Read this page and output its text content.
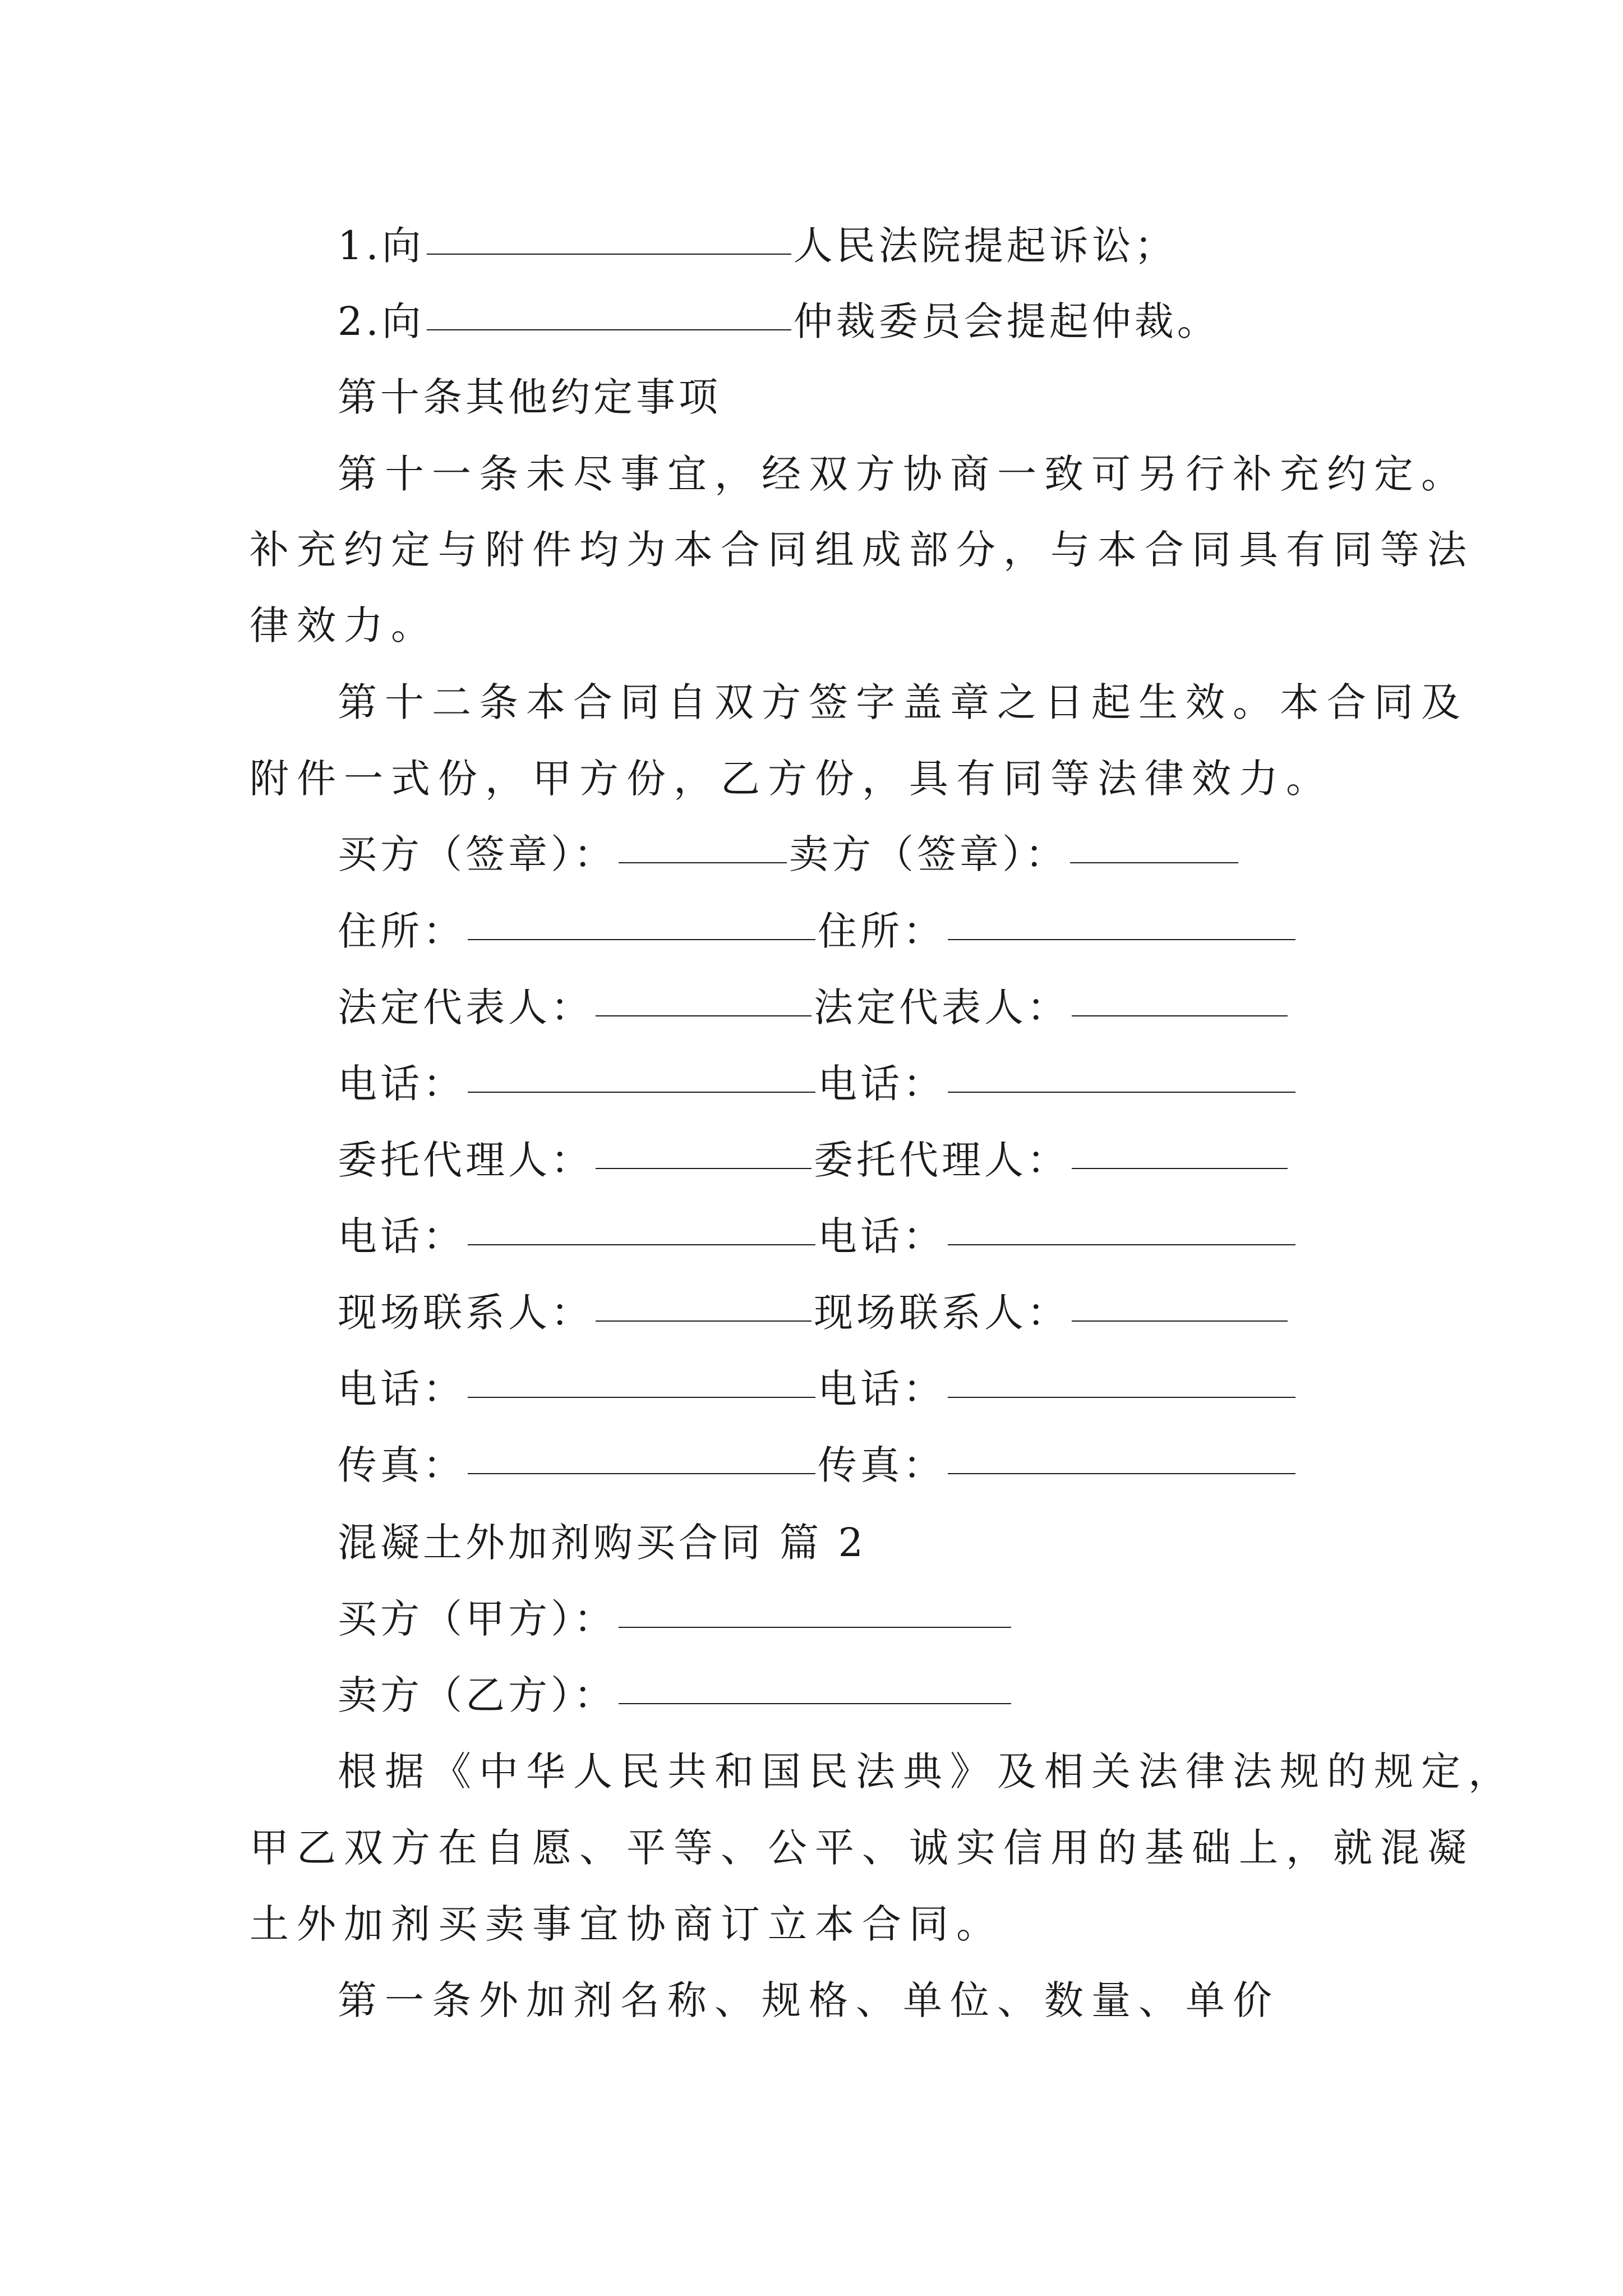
1.向	人民法院提起诉讼；
2.向	仲裁委员会提起仲裁。
第十条其他约定事项
第十一条未尽事宜，经双方协商一致可另行补充约定。
补充约定与附件均为本合同组成部分，与本合同具有同等法
律效力。
第十二条本合同自双方签字盖章之日起生效。本合同及
附件一式份，甲方份，乙方份，具有同等法律效力。
买方（签章）：	卖方（签章）：
住所：	住所：
法定代表人：	法定代表人：
电话：	电话：
委托代理人：	委托代理人：
电话：	电话：
现场联系人：	现场联系人：
电话：	电话：
传真：	传真：
混凝土外加剂购买合同 篇 2
买方（甲方）：
卖方（乙方）：
根据《中华人民共和国民法典》及相关法律法规的规定，
甲乙双方在自愿、平等、公平、诚实信用的基础上，就混凝
土外加剂买卖事宜协商订立本合同。
第一条外加剂名称、规格、单位、数量、单价
